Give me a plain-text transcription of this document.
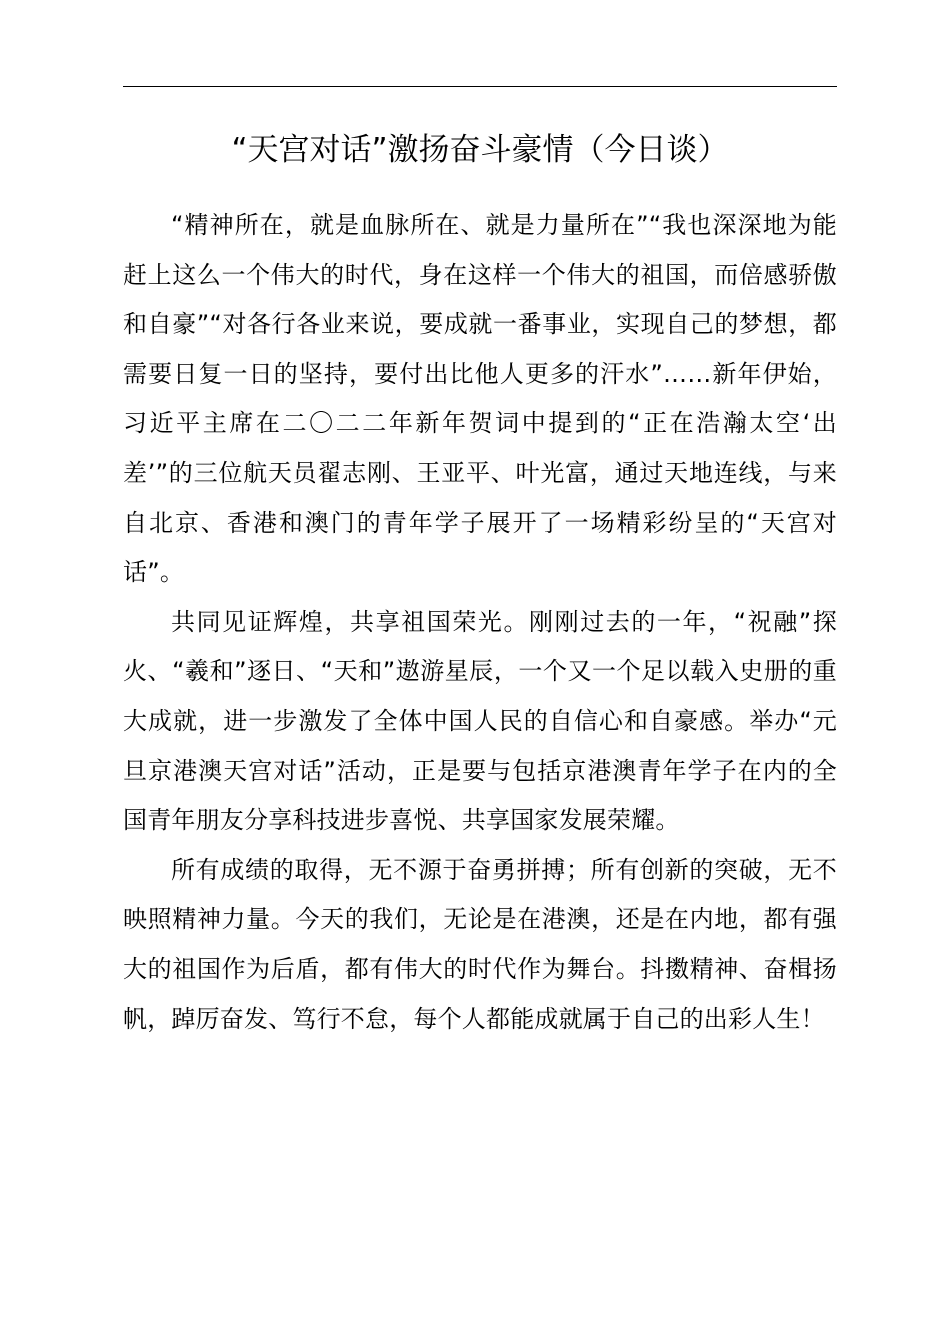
“天宫对话”激扬奋斗豪情（今日谈）

“精神所在，就是血脉所在、就是力量所在”“我也深深地为能赶上这么一个伟大的时代，身在这样一个伟大的祖国，而倍感骄傲和自豪”“对各行各业来说，要成就一番事业，实现自己的梦想，都需要日复一日的坚持，要付出比他人更多的汗水”……新年伊始，习近平主席在二〇二二年新年贺词中提到的“正在浩瀚太空‘出差’”的三位航天员翟志刚、王亚平、叶光富，通过天地连线，与来自北京、香港和澳门的青年学子展开了一场精彩纷呈的“天宫对话”。

共同见证辉煌，共享祖国荣光。刚刚过去的一年，“祝融”探火、“羲和”逐日、“天和”遨游星辰，一个又一个足以载入史册的重大成就，进一步激发了全体中国人民的自信心和自豪感。举办“元旦京港澳天宫对话”活动，正是要与包括京港澳青年学子在内的全国青年朋友分享科技进步喜悦、共享国家发展荣耀。

所有成绩的取得，无不源于奋勇拼搏；所有创新的突破，无不映照精神力量。今天的我们，无论是在港澳，还是在内地，都有强大的祖国作为后盾，都有伟大的时代作为舞台。抖擞精神、奋楫扬帆，踔厉奋发、笃行不怠，每个人都能成就属于自己的出彩人生！
